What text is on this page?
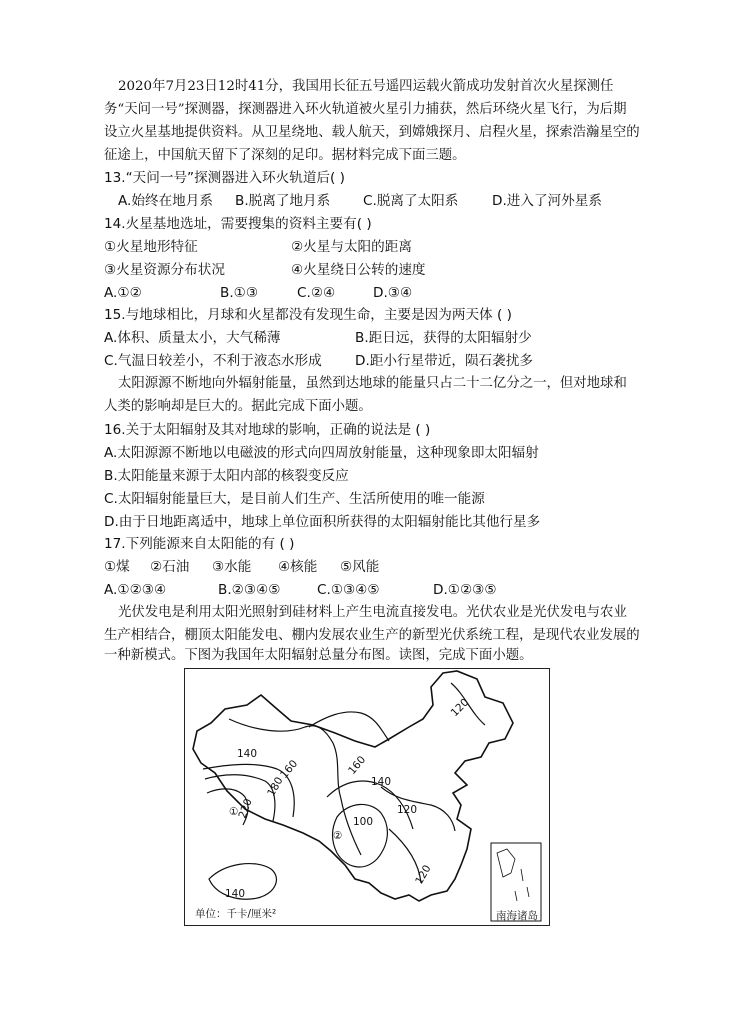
2020年7月23日12时41分，我国用长征五号遥四运载火箭成功发射首次火星探测任
务“天问一号”探测器，探测器进入环火轨道被火星引力捕获，然后环绕火星飞行，为后期
设立火星基地提供资料。从卫星绕地、载人航天，到嫦娥探月、启程火星，探索浩瀚星空的
征途上，中国航天留下了深刻的足印。据材料完成下面三题。
13.“天问一号”探测器进入环火轨道后( )
A.始终在地月系 B.脱离了地月系 C.脱离了太阳系 D.进入了河外星系
14.火星基地选址，需要搜集的资料主要有( )
①火星地形特征	②火星与太阳的距离
③火星资源分布状况	④火星绕日公转的速度
A.①②	B.①③	C.②④	D.③④
15.与地球相比，月球和火星都没有发现生命，主要是因为两天体 ( )
A.体积、质量太小，大气稀薄	B.距日远，获得的太阳辐射少
C.气温日较差小，不利于液态水形成 D.距小行星带近，陨石袭扰多
太阳源源不断地向外辐射能量，虽然到达地球的能量只占二十二亿分之一，但对地球和
人类的影响却是巨大的。据此完成下面小题。
16.关于太阳辐射及其对地球的影响，正确的说法是 ( )
A.太阳源源不断地以电磁波的形式向四周放射能量，这种现象即太阳辐射
B.太阳能量来源于太阳内部的核裂变反应
C.太阳辐射能量巨大，是目前人们生产、生活所使用的唯一能源
D.由于日地距离适中，地球上单位面积所获得的太阳辐射能比其他行星多
17.下列能源来自太阳能的有 ( )
①煤 ②石油 ③水能 ④核能 ⑤风能
A.①②③④	B.②③④⑤	C.①③④⑤	D.①②③⑤
光伏发电是利用太阳光照射到硅材料上产生电流直接发电。光伏农业是光伏发电与农业
生产相结合，棚顶太阳能发电、棚内发展农业生产的新型光伏系统工程，是现代农业发展的
一种新模式。下图为我国年太阳辐射总量分布图。读图，完成下面小题。
140
160
180
220
160
140
120
100
120
120
140
①
②
南海诸岛
单位：千卡/厘米²
